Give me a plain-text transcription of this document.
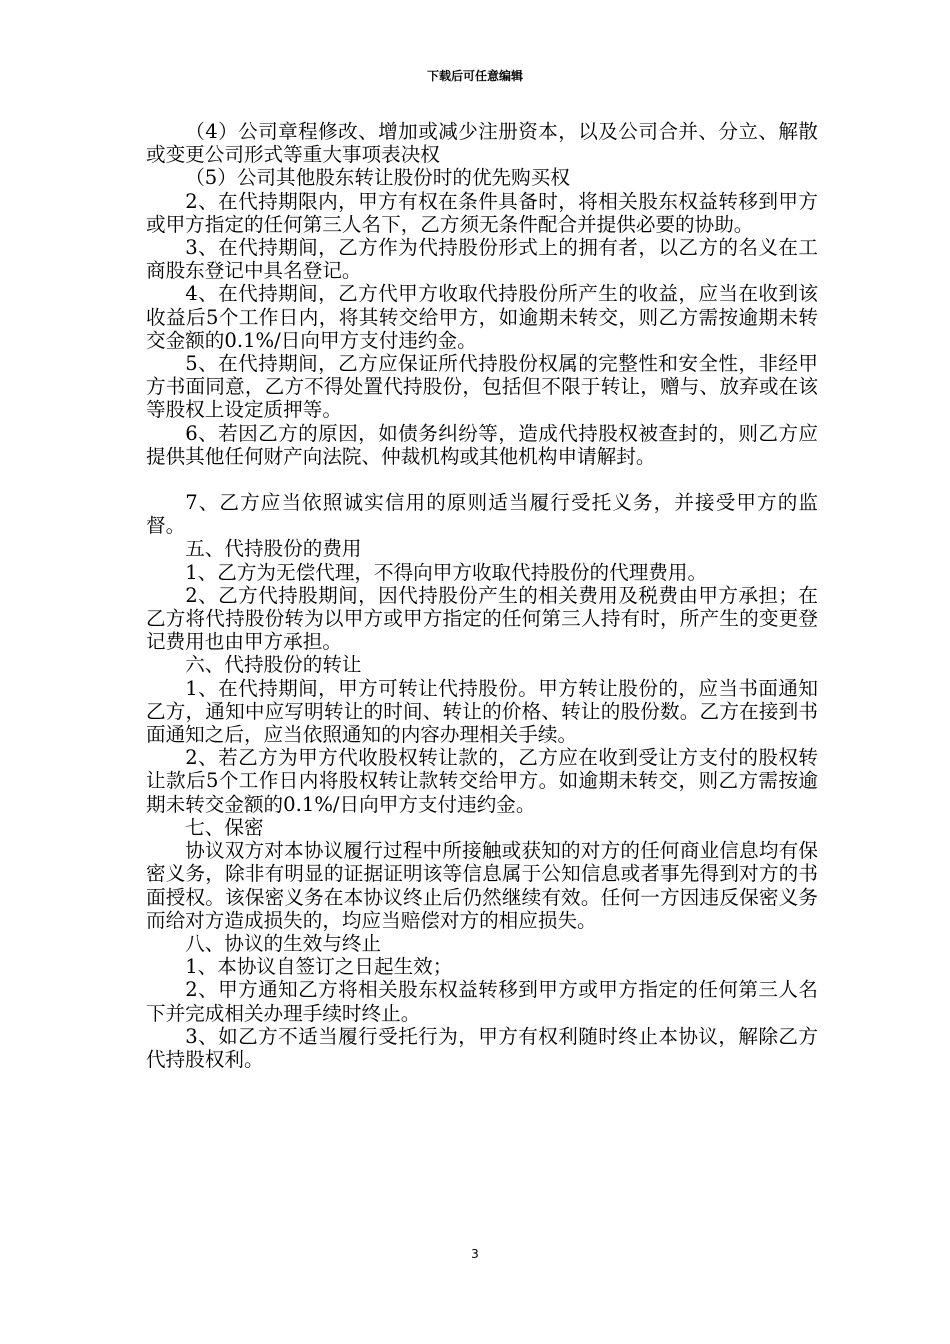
下载后可任意编辑

（4）公司章程修改、增加或减少注册资本，以及公司合并、分立、解散或变更公司形式等重大事项表决权

（5）公司其他股东转让股份时的优先购买权

2、在代持期限内，甲方有权在条件具备时，将相关股东权益转移到甲方或甲方指定的任何第三人名下，乙方须无条件配合并提供必要的协助。

3、在代持期间，乙方作为代持股份形式上的拥有者，以乙方的名义在工商股东登记中具名登记。

4、在代持期间，乙方代甲方收取代持股份所产生的收益，应当在收到该收益后5个工作日内，将其转交给甲方，如逾期未转交，则乙方需按逾期未转交金额的0.1%/日向甲方支付违约金。

5、在代持期间，乙方应保证所代持股份权属的完整性和安全性，非经甲方书面同意，乙方不得处置代持股份，包括但不限于转让，赠与、放弃或在该等股权上设定质押等。

6、若因乙方的原因，如债务纠纷等，造成代持股权被查封的，则乙方应提供其他任何财产向法院、仲裁机构或其他机构申请解封。

7、乙方应当依照诚实信用的原则适当履行受托义务，并接受甲方的监督。

五、代持股份的费用

1、乙方为无偿代理，不得向甲方收取代持股份的代理费用。

2、乙方代持股期间，因代持股份产生的相关费用及税费由甲方承担；在乙方将代持股份转为以甲方或甲方指定的任何第三人持有时，所产生的变更登记费用也由甲方承担。

六、代持股份的转让

1、在代持期间，甲方可转让代持股份。甲方转让股份的，应当书面通知乙方，通知中应写明转让的时间、转让的价格、转让的股份数。乙方在接到书面通知之后，应当依照通知的内容办理相关手续。

2、若乙方为甲方代收股权转让款的，乙方应在收到受让方支付的股权转让款后5个工作日内将股权转让款转交给甲方。如逾期未转交，则乙方需按逾期未转交金额的0.1%/日向甲方支付违约金。

七、保密

协议双方对本协议履行过程中所接触或获知的对方的任何商业信息均有保密义务，除非有明显的证据证明该等信息属于公知信息或者事先得到对方的书面授权。该保密义务在本协议终止后仍然继续有效。任何一方因违反保密义务而给对方造成损失的，均应当赔偿对方的相应损失。

八、协议的生效与终止

1、本协议自签订之日起生效；

2、甲方通知乙方将相关股东权益转移到甲方或甲方指定的任何第三人名下并完成相关办理手续时终止。

3、如乙方不适当履行受托行为，甲方有权利随时终止本协议，解除乙方代持股权利。

3
